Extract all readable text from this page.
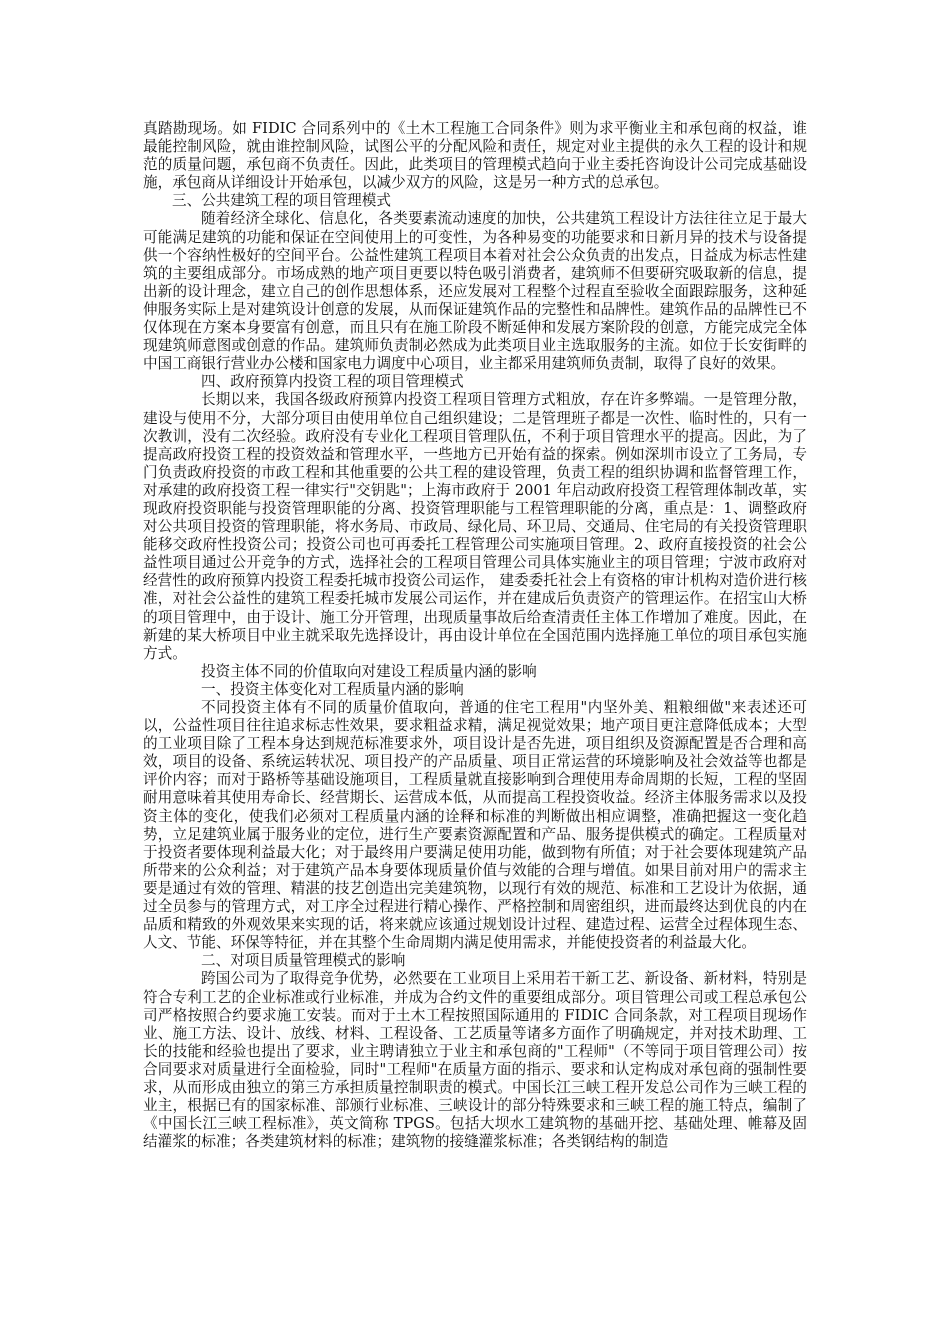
真踏勘现场。如 FIDIC 合同系列中的《土木工程施工合同条件》则为求平衡业主和承包商的权益，谁最能控制风险，就由谁控制风险，试图公平的分配风险和责任，规定对业主提供的永久工程的设计和规范的质量问题，承包商不负责任。因此，此类项目的管理模式趋向于业主委托咨询设计公司完成基础设施，承包商从详细设计开始承包，以减少双方的风险，这是另一种方式的总承包。

三、公共建筑工程的项目管理模式

随着经济全球化、信息化，各类要素流动速度的加快，公共建筑工程设计方法往往立足于最大可能满足建筑的功能和保证在空间使用上的可变性，为各种易变的功能要求和日新月异的技术与设备提供一个容纳性极好的空间平台。公益性建筑工程项目本着对社会公众负责的出发点，日益成为标志性建筑的主要组成部分。市场成熟的地产项目更要以特色吸引消费者，建筑师不但要研究吸取新的信息，提出新的设计理念，建立自己的创作思想体系，还应发展对工程整个过程直至验收全面跟踪服务，这种延伸服务实际上是对建筑设计创意的发展，从而保证建筑作品的完整性和品牌性。建筑作品的品牌性已不仅体现在方案本身要富有创意，而且只有在施工阶段不断延伸和发展方案阶段的创意，方能完成完全体现建筑师意图或创意的作品。建筑师负责制必然成为此类项目业主选取服务的主流。如位于长安街畔的中国工商银行营业办公楼和国家电力调度中心项目，业主都采用建筑师负责制，取得了良好的效果。

四、政府预算内投资工程的项目管理模式

长期以来，我国各级政府预算内投资工程项目管理方式粗放，存在许多弊端。一是管理分散，建设与使用不分，大部分项目由使用单位自己组织建设；二是管理班子都是一次性、临时性的，只有一次教训，没有二次经验。政府没有专业化工程项目管理队伍，不利于项目管理水平的提高。因此，为了提高政府投资工程的投资效益和管理水平，一些地方已开始有益的探索。例如深圳市设立了工务局，专门负责政府投资的市政工程和其他重要的公共工程的建设管理，负责工程的组织协调和监督管理工作，对承建的政府投资工程一律实行"交钥匙"；上海市政府于 2001 年启动政府投资工程管理体制改革，实现政府投资职能与投资管理职能的分离、投资管理职能与工程管理职能的分离，重点是：1、调整政府对公共项目投资的管理职能，将水务局、市政局、绿化局、环卫局、交通局、住宅局的有关投资管理职能移交政府性投资公司；投资公司也可再委托工程管理公司实施项目管理。2、政府直接投资的社会公益性项目通过公开竞争的方式，选择社会的工程项目管理公司具体实施业主的项目管理；宁波市政府对经营性的政府预算内投资工程委托城市投资公司运作， 建委委托社会上有资格的审计机构对造价进行核准，对社会公益性的建筑工程委托城市发展公司运作，并在建成后负责资产的管理运作。在招宝山大桥的项目管理中，由于设计、施工分开管理，出现质量事故后给查清责任主体工作增加了难度。因此，在新建的某大桥项目中业主就采取先选择设计，再由设计单位在全国范围内选择施工单位的项目承包实施方式。

投资主体不同的价值取向对建设工程质量内涵的影响

一、投资主体变化对工程质量内涵的影响

不同投资主体有不同的质量价值取向，普通的住宅工程用"内坚外美、粗粮细做"来表述还可以，公益性项目往往追求标志性效果，要求粗益求精，满足视觉效果；地产项目更注意降低成本；大型的工业项目除了工程本身达到规范标准要求外，项目设计是否先进，项目组织及资源配置是否合理和高效，项目的设备、系统运转状况、项目投产的产品质量、项目正常运营的环境影响及社会效益等也都是评价内容；而对于路桥等基础设施项目，工程质量就直接影响到合理使用寿命周期的长短，工程的坚固耐用意味着其使用寿命长、经营期长、运营成本低，从而提高工程投资收益。经济主体服务需求以及投资主体的变化，使我们必须对工程质量内涵的诠释和标准的判断做出相应调整，准确把握这一变化趋势，立足建筑业属于服务业的定位，进行生产要素资源配置和产品、服务提供模式的确定。工程质量对于投资者要体现利益最大化；对于最终用户要满足使用功能，做到物有所值；对于社会要体现建筑产品所带来的公众利益；对于建筑产品本身要体现质量价值与效能的合理与增值。如果目前对用户的需求主要是通过有效的管理、精湛的技艺创造出完美建筑物，以现行有效的规范、标准和工艺设计为依据，通过全员参与的管理方式，对工序全过程进行精心操作、严格控制和周密组织，进而最终达到优良的内在品质和精致的外观效果来实现的话，将来就应该通过规划设计过程、建造过程、运营全过程体现生态、人文、节能、环保等特征，并在其整个生命周期内满足使用需求，并能使投资者的利益最大化。

二、对项目质量管理模式的影响

跨国公司为了取得竞争优势，必然要在工业项目上采用若干新工艺、新设备、新材料，特别是符合专利工艺的企业标准或行业标准，并成为合约文件的重要组成部分。项目管理公司或工程总承包公司严格按照合约要求施工安装。而对于土木工程按照国际通用的 FIDIC 合同条款，对工程项目现场作业、施工方法、设计、放线、材料、工程设备、工艺质量等诸多方面作了明确规定，并对技术助理、工长的技能和经验也提出了要求，业主聘请独立于业主和承包商的"工程师"（不等同于项目管理公司）按合同要求对质量进行全面检验，同时"工程师"在质量方面的指示、要求和认定构成对承包商的强制性要求，从而形成由独立的第三方承担质量控制职责的模式。中国长江三峡工程开发总公司作为三峡工程的业主，根据已有的国家标准、部颁行业标准、三峡设计的部分特殊要求和三峡工程的施工特点，编制了《中国长江三峡工程标准》，英文简称 TPGS。包括大坝水工建筑物的基础开挖、基础处理、帷幕及固结灌浆的标准；各类建筑材料的标准；建筑物的接缝灌浆标准；各类钢结构的制造
